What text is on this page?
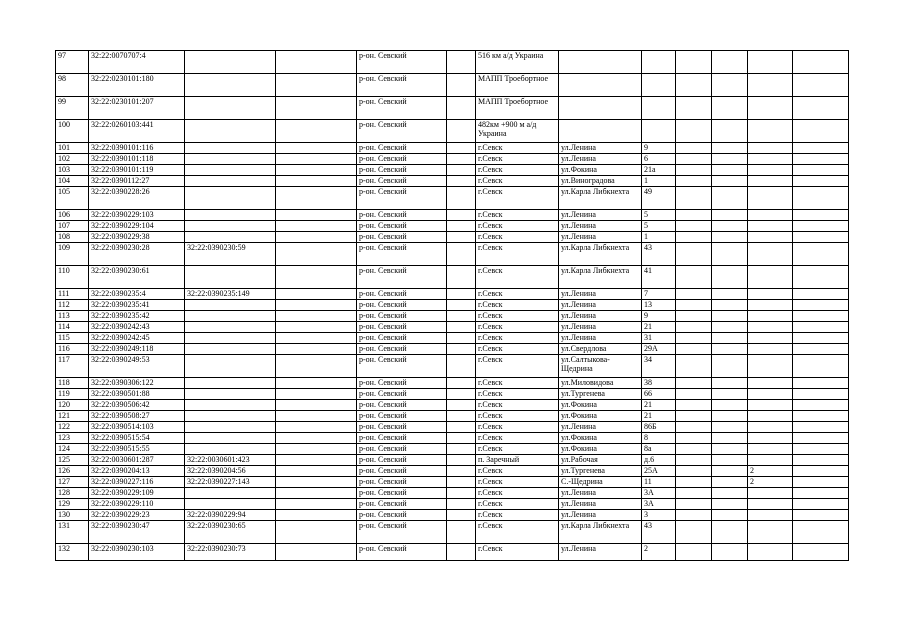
97	32:22:0070707:4			р-он. Севский		516 км а/д Украина						
98	32:22:0230101:180			р-он. Севский		МАПП Троебортное						
99	32:22:0230101:207			р-он. Севский		МАПП Троебортное						
100	32:22:0260103:441			р-он. Севский		482км +900 м а/д Украина						
101	32:22:0390101:116			р-он. Севский		г.Севск	ул.Ленина	9				
102	32:22:0390101:118			р-он. Севский		г.Севск	ул.Ленина	6				
103	32:22:0390101:119			р-он. Севский		г.Севск	ул.Фокина	21а				
104	32:22:0390112:27			р-он. Севский		г.Севск	ул.Виноградова	1				
105	32:22:0390228:26			р-он. Севский		г.Севск	ул.Карла Либкнехта	49				
106	32:22:0390229:103			р-он. Севский		г.Севск	ул.Ленина	5				
107	32:22:0390229:104			р-он. Севский		г.Севск	ул.Ленина	5				
108	32:22:0390229:38			р-он. Севский		г.Севск	ул.Ленина	1				
109	32:22:0390230:28	32:22:0390230:59		р-он. Севский		г.Севск	ул.Карла Либкнехта	43				
110	32:22:0390230:61			р-он. Севский		г.Севск	ул.Карла Либкнехта	41				
111	32:22:0390235:4	32:22:0390235:149		р-он. Севский		г.Севск	ул.Ленина	7				
112	32:22:0390235:41			р-он. Севский		г.Севск	ул.Ленина	13				
113	32:22:0390235:42			р-он. Севский		г.Севск	ул.Ленина	9				
114	32:22:0390242:43			р-он. Севский		г.Севск	ул.Ленина	21				
115	32:22:0390242:45			р-он. Севский		г.Севск	ул.Ленина	31				
116	32:22:0390249:118			р-он. Севский		г.Севск	ул.Свердлова	29А				
117	32:22:0390249:53			р-он. Севский		г.Севск	ул.Салтыкова-Щедрина	34				
118	32:22:0390306:122			р-он. Севский		г.Севск	ул.Миловидова	38				
119	32:22:0390501:88			р-он. Севский		г.Севск	ул.Тургенева	66				
120	32:22:0390506:42			р-он. Севский		г.Севск	ул.Фокина	21				
121	32:22:0390508:27			р-он. Севский		г.Севск	ул.Фокина	21				
122	32:22:0390514:103			р-он. Севский		г.Севск	ул.Ленина	86Б				
123	32:22:0390515:54			р-он. Севский		г.Севск	ул.Фокина	8				
124	32:22:0390515:55			р-он. Севский		г.Севск	ул.Фокина	8а				
125	32:22:0030601:287	32:22:0030601:423		р-он. Севский		п. Заречный	ул.Рабочая	д.6				
126	32:22:0390204:13	32:22:0390204:56		р-он. Севский		г.Севск	ул.Тургенева	25А			2	
127	32:22:0390227:116	32:22:0390227:143		р-он. Севский		г.Севск	С.-Щедрина	11			2	
128	32:22:0390229:109			р-он. Севский		г.Севск	ул.Ленина	3А				
129	32:22:0390229:110			р-он. Севский		г.Севск	ул.Ленина	3А				
130	32:22:0390229:23	32:22:0390229:94		р-он. Севский		г.Севск	ул.Ленина	3				
131	32:22:0390230:47	32:22:0390230:65		р-он. Севский		г.Севск	ул.Карла Либкнехта	43				
132	32:22:0390230:103	32:22:0390230:73		р-он. Севский		г.Севск	ул.Ленина	2				
